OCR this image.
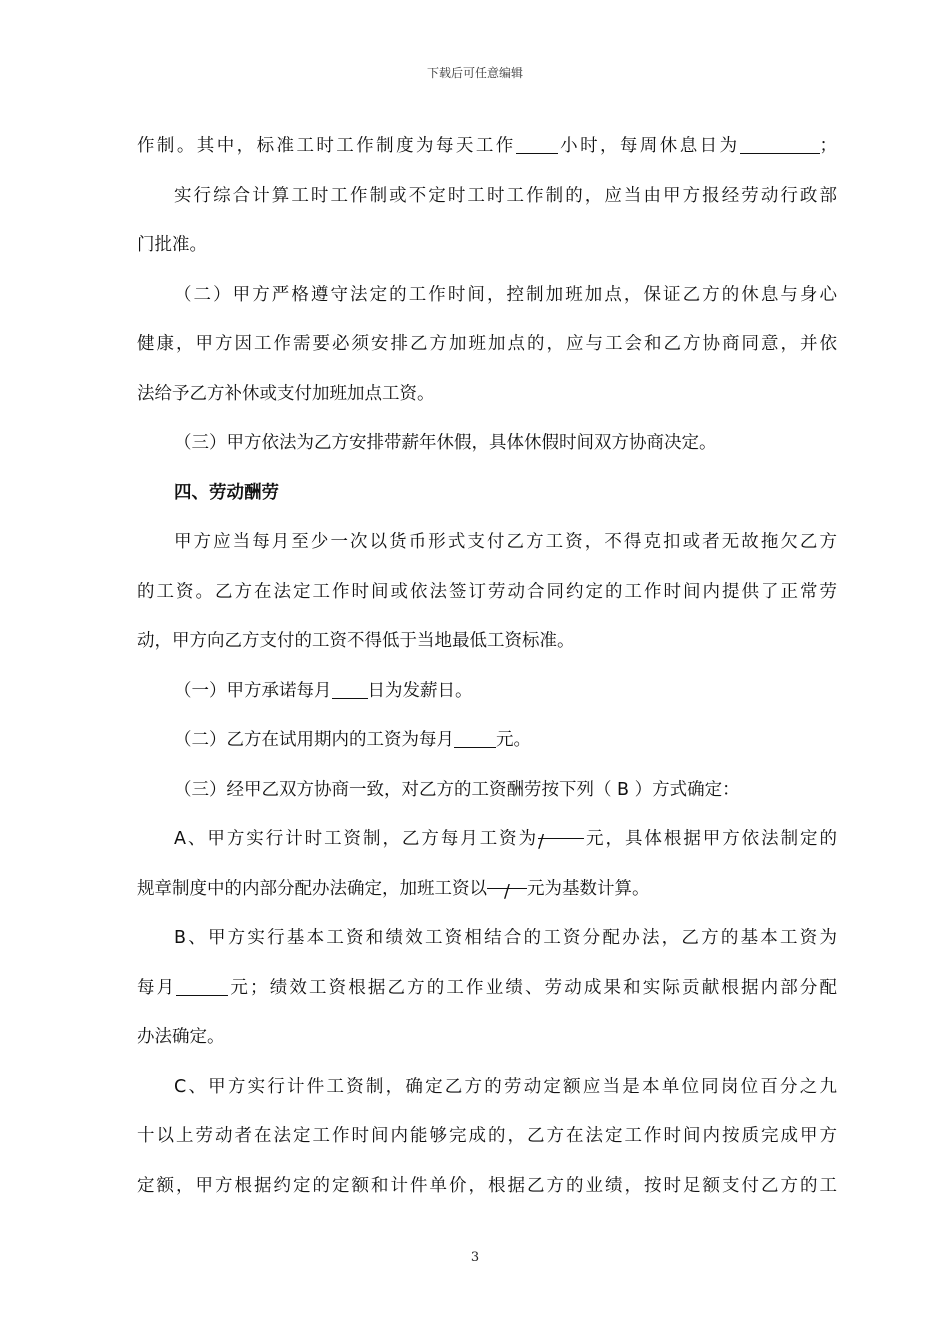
下载后可任意编辑

作制。其中，标准工时工作制度为每天工作 小时，每周休息日为	；

实行综合计算工时工作制或不定时工时工作制的，应当由甲方报经劳动行政部

门批准。

（二）甲方严格遵守法定的工作时间，控制加班加点，保证乙方的休息与身心

健康，甲方因工作需要必须安排乙方加班加点的，应与工会和乙方协商同意，并依

法给予乙方补休或支付加班加点工资。

（三）甲方依法为乙方安排带薪年休假，具体休假时间双方协商决定。

四、劳动酬劳

甲方应当每月至少一次以货币形式支付乙方工资，不得克扣或者无故拖欠乙方

的工资。乙方在法定工作时间或依法签订劳动合同约定的工作时间内提供了正常劳

动，甲方向乙方支付的工资不得低于当地最低工资标准。

（一）甲方承诺每月 日为发薪日。

（二）乙方在试用期内的工资为每月 元。

（三）经甲乙双方协商一致，对乙方的工资酬劳按下列（ B ）方式确定：

A、甲方实行计时工资制，乙方每月工资为 /	元，具体根据甲方依法制定的

规章制度中的内部分配办法确定，加班工资以 / 元为基数计算。

B、甲方实行基本工资和绩效工资相结合的工资分配办法，乙方的基本工资为

每月	元；绩效工资根据乙方的工作业绩、劳动成果和实际贡献根据内部分配

办法确定。

C、甲方实行计件工资制，确定乙方的劳动定额应当是本单位同岗位百分之九

十以上劳动者在法定工作时间内能够完成的，乙方在法定工作时间内按质完成甲方

定额，甲方根据约定的定额和计件单价，根据乙方的业绩，按时足额支付乙方的工

3
